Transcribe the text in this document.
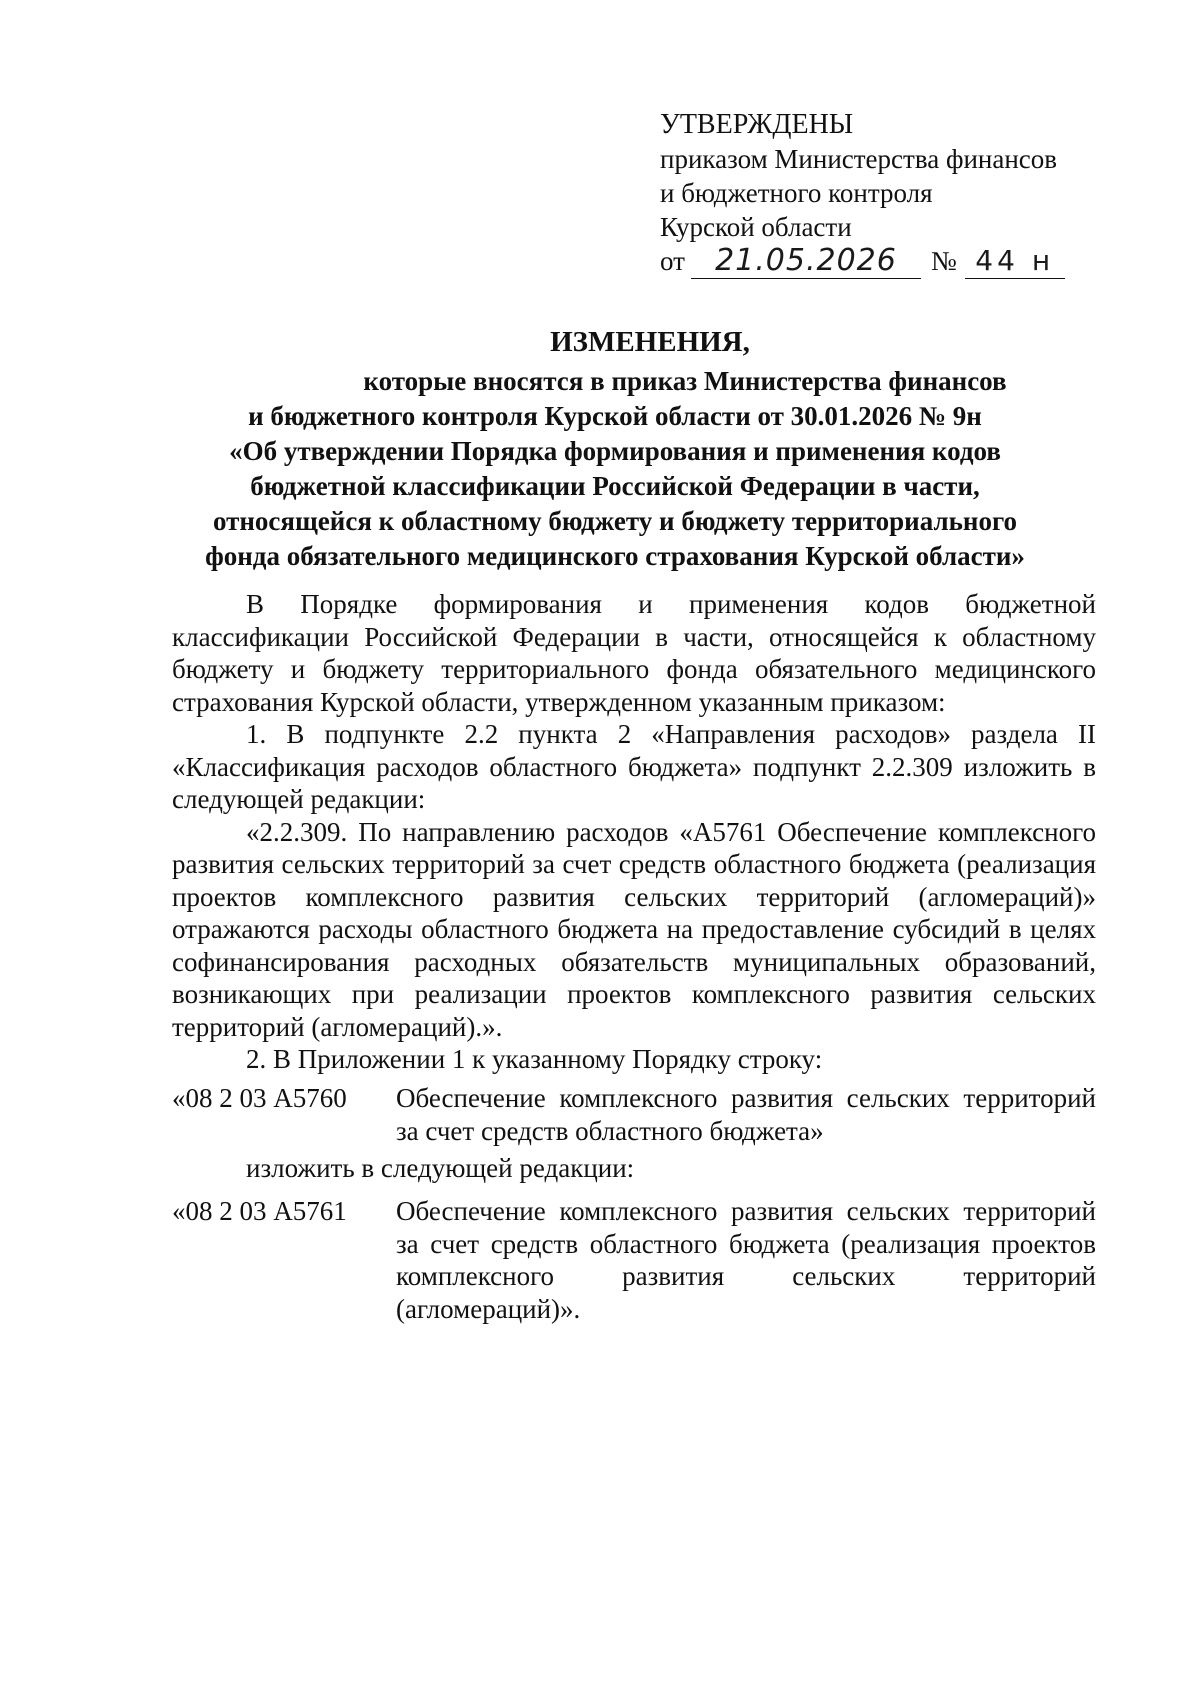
УТВЕРЖДЕНЫ
приказом Министерства финансов
и бюджетного контроля
Курской области
от	21.05.2026	№ 44 н
ИЗМЕНЕНИЯ,
которые вносятся в приказ Министерства финансов
и бюджетного контроля Курской области от 30.01.2026 № 9н
«Об утверждении Порядка формирования и применения кодов
бюджетной классификации Российской Федерации в части,
относящейся к областному бюджету и бюджету территориального
фонда обязательного медицинского страхования Курской области»

В Порядке формирования и применения кодов бюджетной классификации Российской Федерации в части, относящейся к областному бюджету и бюджету территориального фонда обязательного медицинского страхования Курской области, утвержденном указанным приказом:

1. В подпункте 2.2 пункта 2 «Направления расходов» раздела II «Классификация расходов областного бюджета» подпункт 2.2.309 изложить в следующей редакции:

«2.2.309. По направлению расходов «А5761 Обеспечение комплексного развития сельских территорий за счет средств областного бюджета (реализация проектов комплексного развития сельских территорий (агломераций)» отражаются расходы областного бюджета на предоставление субсидий в целях софинансирования расходных обязательств муниципальных образований, возникающих при реализации проектов комплексного развития сельских территорий (агломераций).».

2. В Приложении 1 к указанному Порядку строку:

«08 2 03 А5760	Обеспечение комплексного развития сельских территорий за счет средств областного бюджета»
изложить в следующей редакции:
«08 2 03 А5761	Обеспечение комплексного развития сельских территорий за счет средств областного бюджета (реализация проектов комплексного развития сельских территорий (агломераций)».
